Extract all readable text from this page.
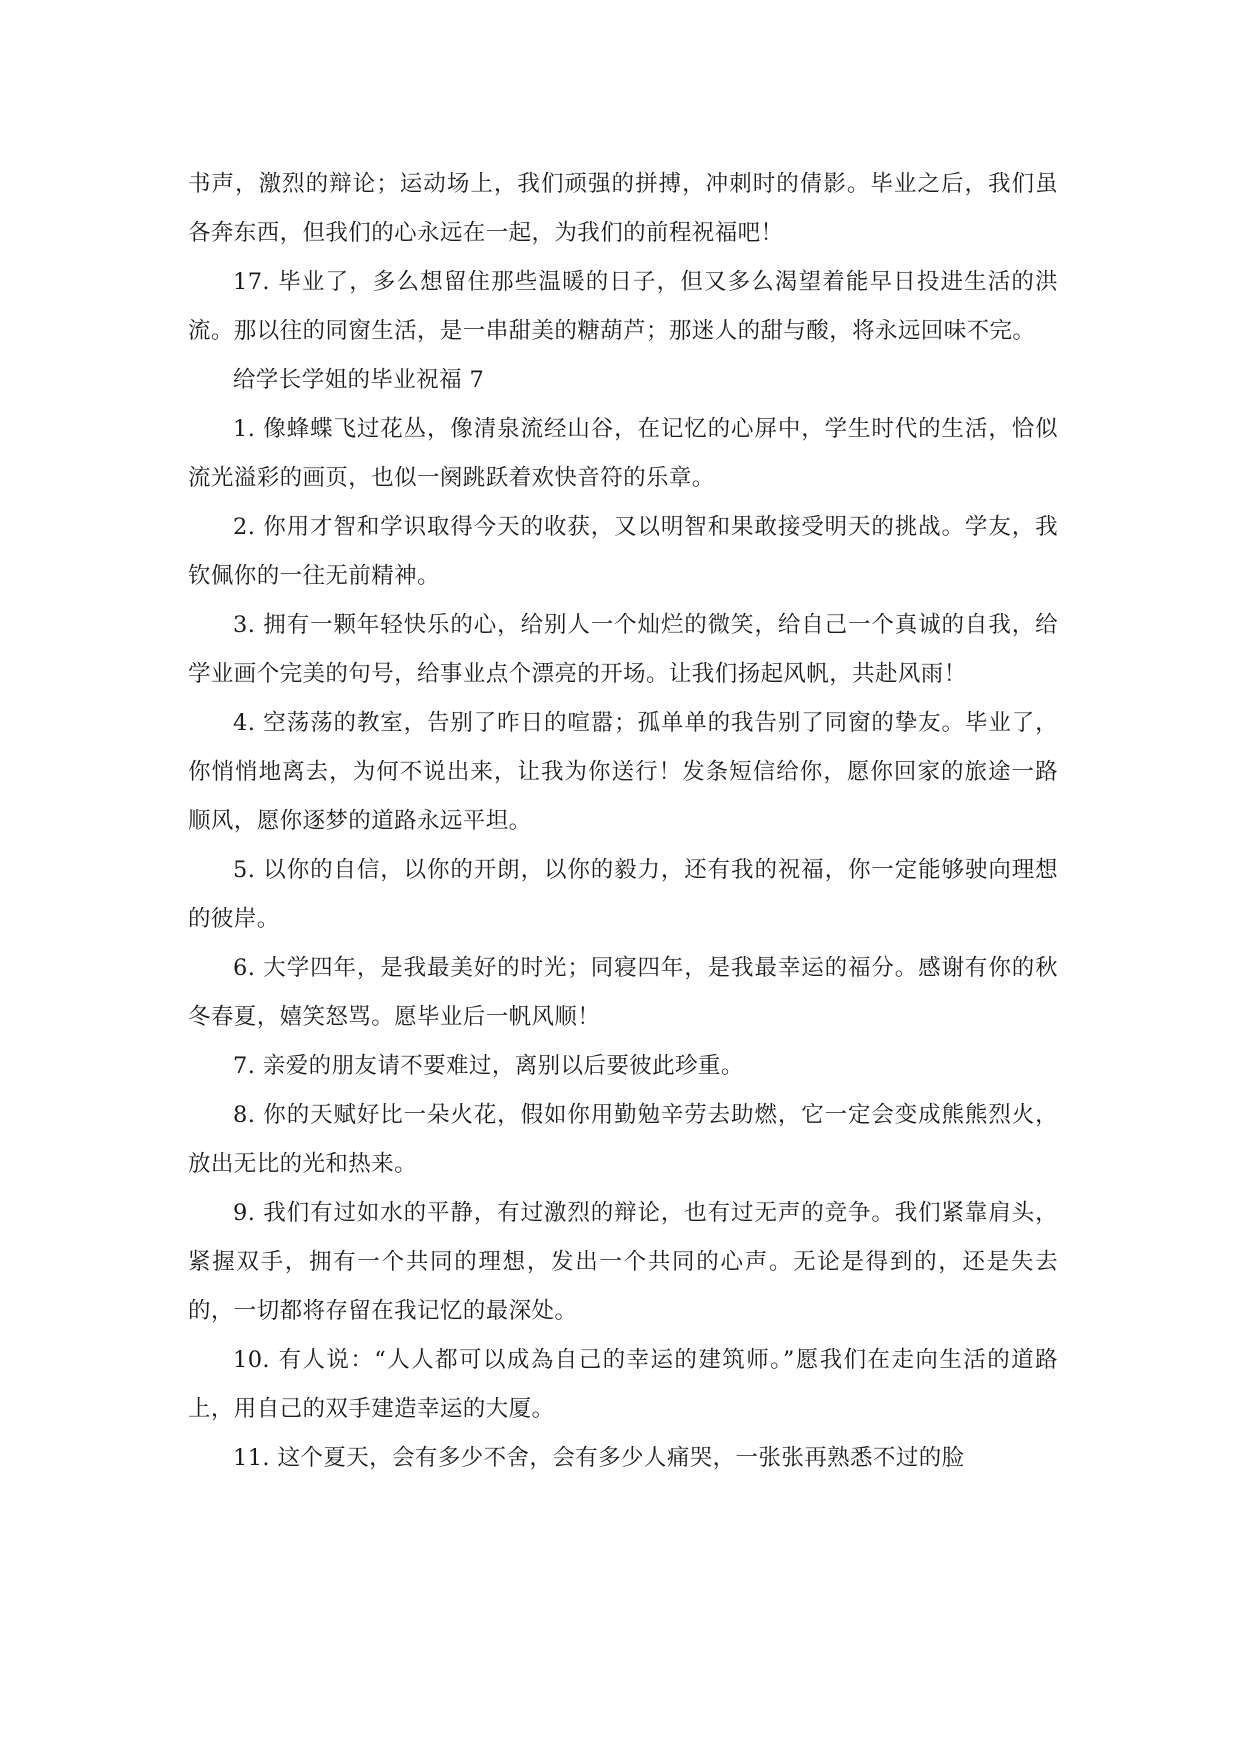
书声，激烈的辩论；运动场上，我们顽强的拼搏，冲刺时的倩影。毕业之后，我们虽各奔东西，但我们的心永远在一起，为我们的前程祝福吧！

17. 毕业了，多么想留住那些温暖的日子，但又多么渴望着能早日投进生活的洪流。那以往的同窗生活，是一串甜美的糖葫芦；那迷人的甜与酸，将永远回味不完。

给学长学姐的毕业祝福 7

1. 像蜂蝶飞过花丛，像清泉流经山谷，在记忆的心屏中，学生时代的生活，恰似流光溢彩的画页，也似一阕跳跃着欢快音符的乐章。

2. 你用才智和学识取得今天的收获，又以明智和果敢接受明天的挑战。学友，我钦佩你的一往无前精神。

3. 拥有一颗年轻快乐的心，给别人一个灿烂的微笑，给自己一个真诚的自我，给学业画个完美的句号，给事业点个漂亮的开场。让我们扬起风帆，共赴风雨！

4. 空荡荡的教室，告别了昨日的喧嚣；孤单单的我告别了同窗的挚友。毕业了，你悄悄地离去，为何不说出来，让我为你送行！发条短信给你，愿你回家的旅途一路顺风，愿你逐梦的道路永远平坦。

5. 以你的自信，以你的开朗，以你的毅力，还有我的祝福，你一定能够驶向理想的彼岸。

6. 大学四年，是我最美好的时光；同寝四年，是我最幸运的福分。感谢有你的秋冬春夏，嬉笑怒骂。愿毕业后一帆风顺！

7. 亲爱的朋友请不要难过，离别以后要彼此珍重。

8. 你的天赋好比一朵火花，假如你用勤勉辛劳去助燃，它一定会变成熊熊烈火，放出无比的光和热来。

9. 我们有过如水的平静，有过激烈的辩论，也有过无声的竞争。我们紧靠肩头，紧握双手，拥有一个共同的理想，发出一个共同的心声。无论是得到的，还是失去的，一切都将存留在我记忆的最深处。

10. 有人说：“人人都可以成為自己的幸运的建筑师。”愿我们在走向生活的道路上，用自己的双手建造幸运的大厦。

11. 这个夏天，会有多少不舍，会有多少人痛哭，一张张再熟悉不过的脸
